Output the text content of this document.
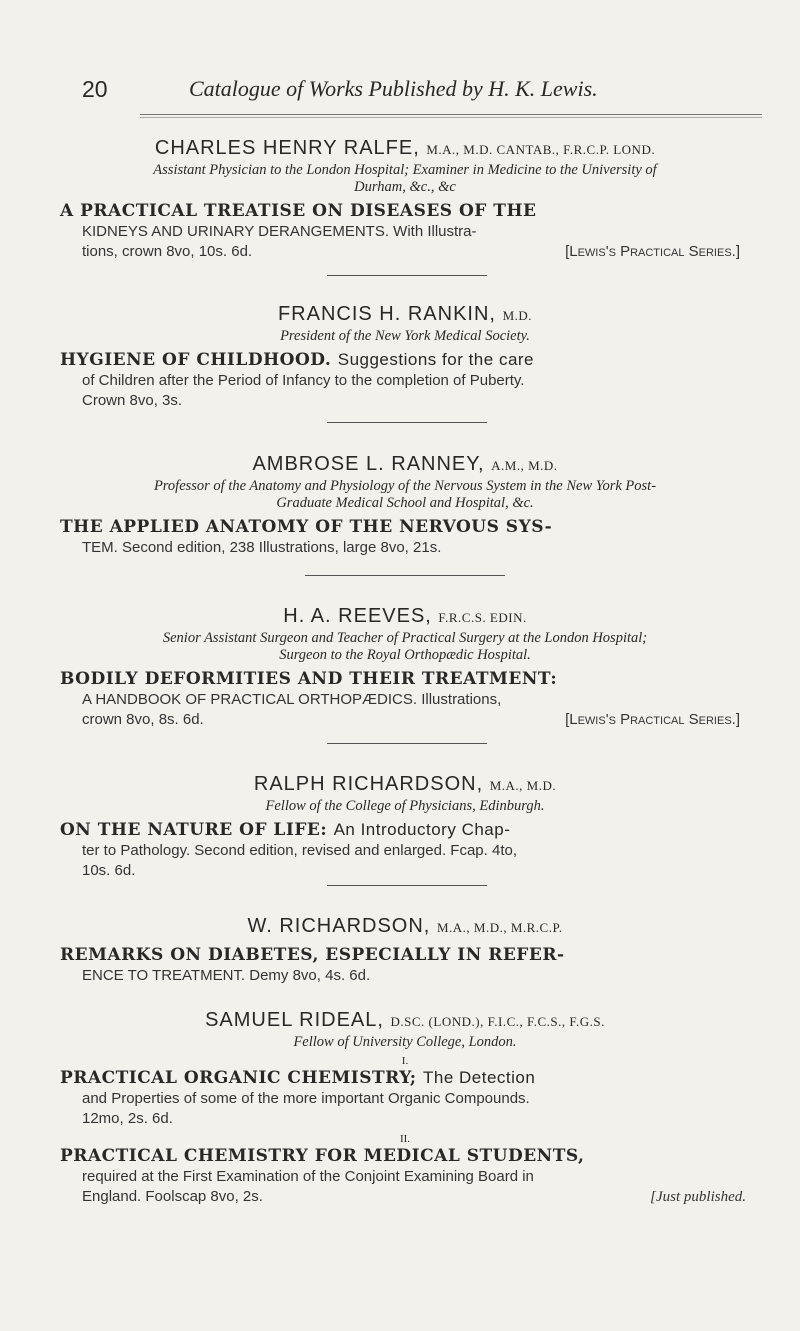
20	Catalogue of Works Published by H. K. Lewis.

CHARLES HENRY RALFE, M.A., M.D. CANTAB., F.R.C.P. LOND.

Assistant Physician to the London Hospital; Examiner in Medicine to the University of

Durham, &c., &c

A PRACTICAL TREATISE ON DISEASES OF THE

KIDNEYS AND URINARY DERANGEMENTS. With Illustra-

tions, crown 8vo, 10s. 6d.	[Lewis's Practical Series.]

FRANCIS H. RANKIN, M.D.

President of the New York Medical Society.

HYGIENE OF CHILDHOOD. Suggestions for the care

of Children after the Period of Infancy to the completion of Puberty.

Crown 8vo, 3s.

AMBROSE L. RANNEY, A.M., M.D.

Professor of the Anatomy and Physiology of the Nervous System in the New York Post-

Graduate Medical School and Hospital, &c.

THE APPLIED ANATOMY OF THE NERVOUS SYS-

TEM. Second edition, 238 Illustrations, large 8vo, 21s.

H. A. REEVES, F.R.C.S. EDIN.

Senior Assistant Surgeon and Teacher of Practical Surgery at the London Hospital;

Surgeon to the Royal Orthopædic Hospital.

BODILY DEFORMITIES AND THEIR TREATMENT:

A HANDBOOK OF PRACTICAL ORTHOPÆDICS. Illustrations,

crown 8vo, 8s. 6d.	[Lewis's Practical Series.]

RALPH RICHARDSON, M.A., M.D.

Fellow of the College of Physicians, Edinburgh.

ON THE NATURE OF LIFE: An Introductory Chap-

ter to Pathology. Second edition, revised and enlarged. Fcap. 4to,

10s. 6d.

W. RICHARDSON, M.A., M.D., M.R.C.P.

REMARKS ON DIABETES, ESPECIALLY IN REFER-

ENCE TO TREATMENT. Demy 8vo, 4s. 6d.

SAMUEL RIDEAL, D.SC. (LOND.), F.I.C., F.C.S., F.G.S.

Fellow of University College, London.

I.

PRACTICAL ORGANIC CHEMISTRY; The Detection

and Properties of some of the more important Organic Compounds.

12mo, 2s. 6d.

II.

PRACTICAL CHEMISTRY FOR MEDICAL STUDENTS,

required at the First Examination of the Conjoint Examining Board in

England. Foolscap 8vo, 2s.	[Just published.
